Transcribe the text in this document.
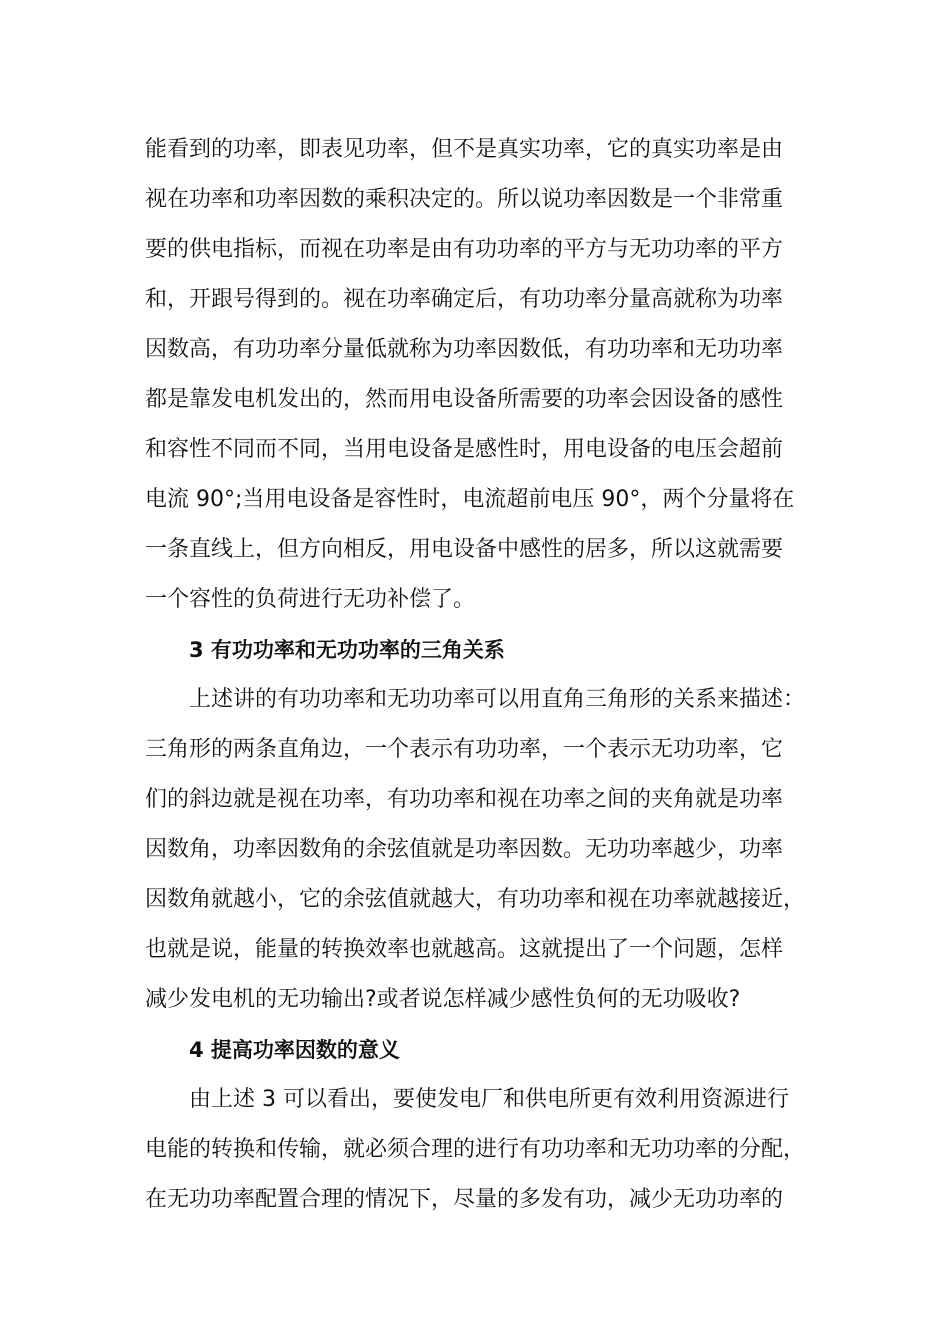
能看到的功率，即表见功率，但不是真实功率，它的真实功率是由
视在功率和功率因数的乘积决定的。所以说功率因数是一个非常重
要的供电指标，而视在功率是由有功功率的平方与无功功率的平方
和，开跟号得到的。视在功率确定后，有功功率分量高就称为功率
因数高，有功功率分量低就称为功率因数低，有功功率和无功功率
都是靠发电机发出的，然而用电设备所需要的功率会因设备的感性
和容性不同而不同，当用电设备是感性时，用电设备的电压会超前
电流 90°;当用电设备是容性时，电流超前电压 90°，两个分量将在
一条直线上，但方向相反，用电设备中感性的居多，所以这就需要
一个容性的负荷进行无功补偿了。
3 有功功率和无功功率的三角关系
上述讲的有功功率和无功功率可以用直角三角形的关系来描述：
三角形的两条直角边，一个表示有功功率，一个表示无功功率，它
们的斜边就是视在功率，有功功率和视在功率之间的夹角就是功率
因数角，功率因数角的余弦值就是功率因数。无功功率越少，功率
因数角就越小，它的余弦值就越大，有功功率和视在功率就越接近，
也就是说，能量的转换效率也就越高。这就提出了一个问题，怎样
减少发电机的无功输出?或者说怎样减少感性负何的无功吸收?
4 提高功率因数的意义
由上述 3 可以看出，要使发电厂和供电所更有效利用资源进行
电能的转换和传输，就必须合理的进行有功功率和无功功率的分配，
在无功功率配置合理的情况下，尽量的多发有功，减少无功功率的
